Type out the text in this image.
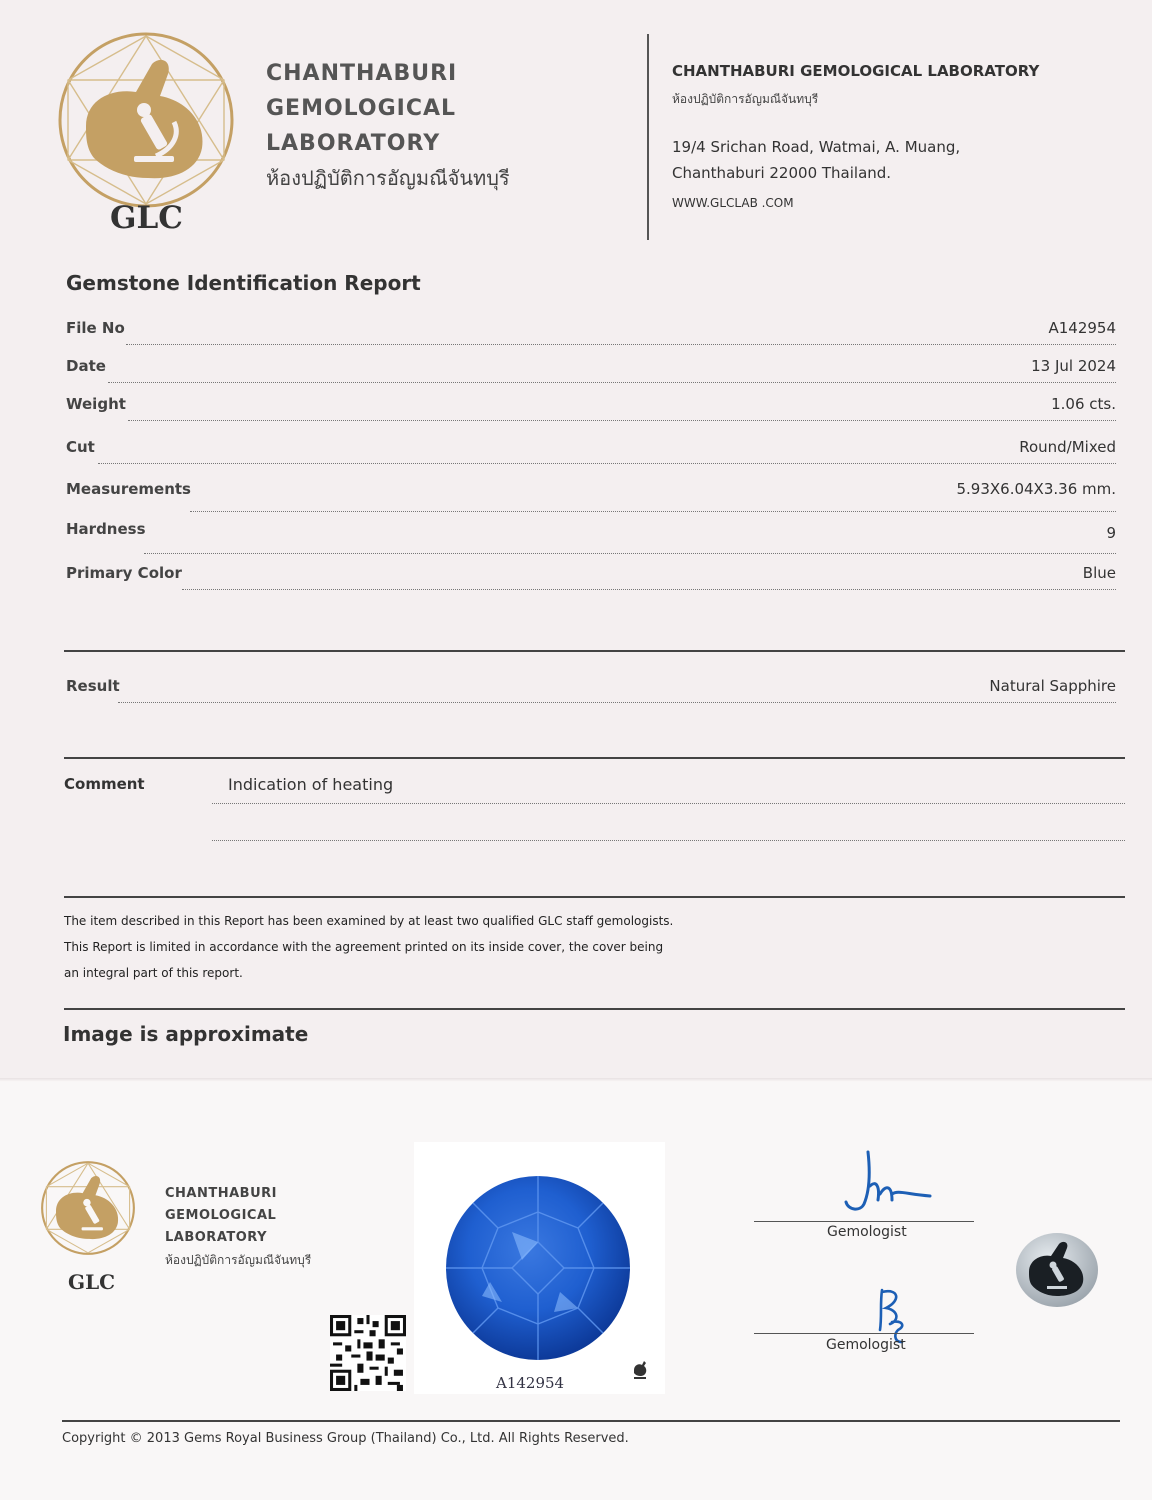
GLC
CHANTHABURI
GEMOLOGICAL
LABORATORY
ห้องปฏิบัติการอัญมณีจันทบุรี
CHANTHABURI GEMOLOGICAL LABORATORY
ห้องปฏิบัติการอัญมณีจันทบุรี
19/4 Srichan Road, Watmai, A. Muang,
Chanthaburi 22000 Thailand.
WWW.GLCLAB .COM
Gemstone Identification Report
File No	A142954
Date	13 Jul 2024
Weight	1.06 cts.
Cut	Round/Mixed
Measurements	5.93X6.04X3.36 mm.
Hardness	9
Primary Color	Blue
Result	Natural Sapphire
Comment	Indication of heating
The item described in this Report has been examined by at least two qualified GLC staff gemologists.
This Report is limited in accordance with the agreement printed on its inside cover, the cover being
an integral part of this report.
Image is approximate
GLC
CHANTHABURI
GEMOLOGICAL
LABORATORY
ห้องปฏิบัติการอัญมณีจันทบุรี
A142954
Gemologist
Gemologist
Copyright © 2013 Gems Royal Business Group (Thailand) Co., Ltd. All Rights Reserved.
